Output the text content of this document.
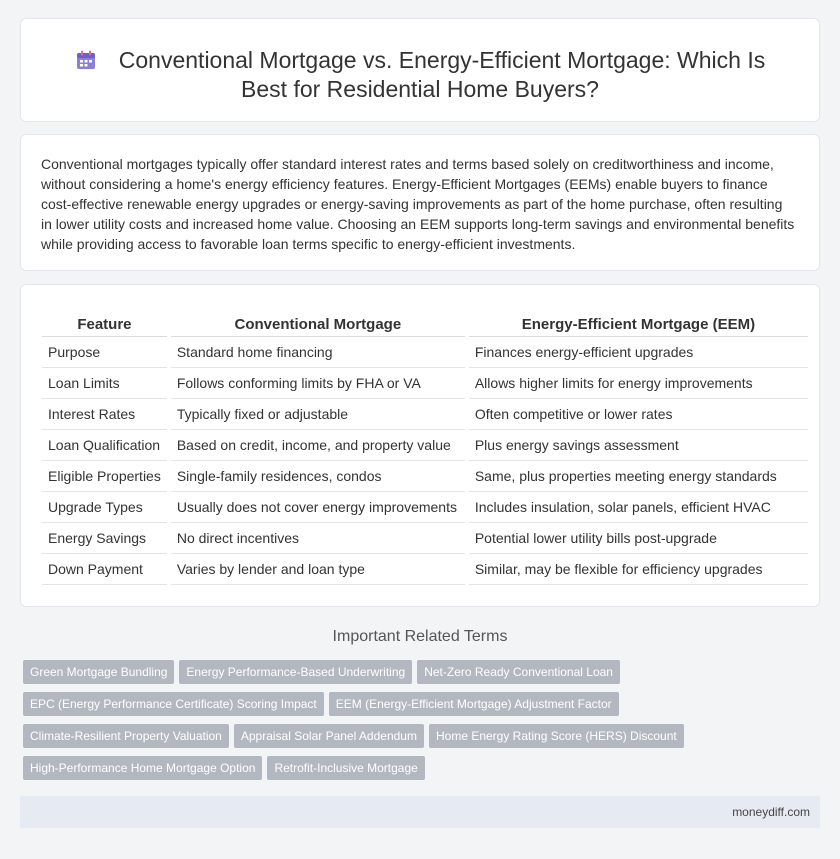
Conventional Mortgage vs. Energy-Efficient Mortgage: Which Is
Best for Residential Home Buyers?

Conventional mortgages typically offer standard interest rates and terms based solely on creditworthiness and income, without considering a home's energy efficiency features. Energy-Efficient Mortgages (EEMs) enable buyers to finance cost-effective renewable energy upgrades or energy-saving improvements as part of the home purchase, often resulting in lower utility costs and increased home value. Choosing an EEM supports long-term savings and environmental benefits while providing access to favorable loan terms specific to energy-efficient investments.

Feature	Conventional Mortgage	Energy-Efficient Mortgage (EEM)
Purpose	Standard home financing	Finances energy-efficient upgrades
Loan Limits	Follows conforming limits by FHA or VA	Allows higher limits for energy improvements
Interest Rates	Typically fixed or adjustable	Often competitive or lower rates
Loan Qualification	Based on credit, income, and property value	Plus energy savings assessment
Eligible Properties	Single-family residences, condos	Same, plus properties meeting energy standards
Upgrade Types	Usually does not cover energy improvements	Includes insulation, solar panels, efficient HVAC
Energy Savings	No direct incentives	Potential lower utility bills post-upgrade
Down Payment	Varies by lender and loan type	Similar, may be flexible for efficiency upgrades
Important Related Terms
Green Mortgage Bundling Energy Performance-Based Underwriting Net-Zero Ready Conventional Loan
EPC (Energy Performance Certificate) Scoring Impact EEM (Energy-Efficient Mortgage) Adjustment Factor
Climate-Resilient Property Valuation Appraisal Solar Panel Addendum Home Energy Rating Score (HERS) Discount
High-Performance Home Mortgage Option Retrofit-Inclusive Mortgage
moneydiff.com
